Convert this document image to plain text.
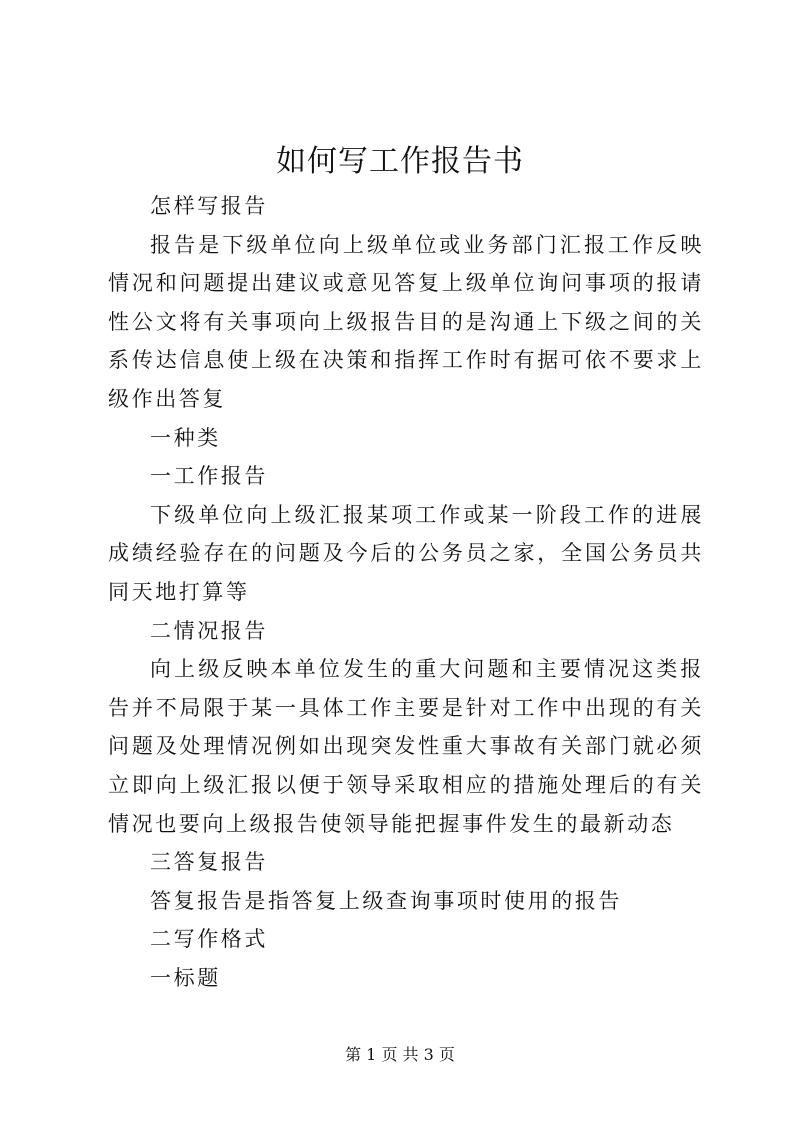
如何写工作报告书

怎样写报告

报告是下级单位向上级单位或业务部门汇报工作反映情况和问题提出建议或意见答复上级单位询问事项的报请性公文将有关事项向上级报告目的是沟通上下级之间的关系传达信息使上级在决策和指挥工作时有据可依不要求上级作出答复

一种类

一工作报告

下级单位向上级汇报某项工作或某一阶段工作的进展成绩经验存在的问题及今后的公务员之家，全国公务员共同天地打算等

二情况报告

向上级反映本单位发生的重大问题和主要情况这类报告并不局限于某一具体工作主要是针对工作中出现的有关问题及处理情况例如出现突发性重大事故有关部门就必须立即向上级汇报以便于领导采取相应的措施处理后的有关情况也要向上级报告使领导能把握事件发生的最新动态

三答复报告

答复报告是指答复上级查询事项时使用的报告

二写作格式

一标题

第 1 页 共 3 页
